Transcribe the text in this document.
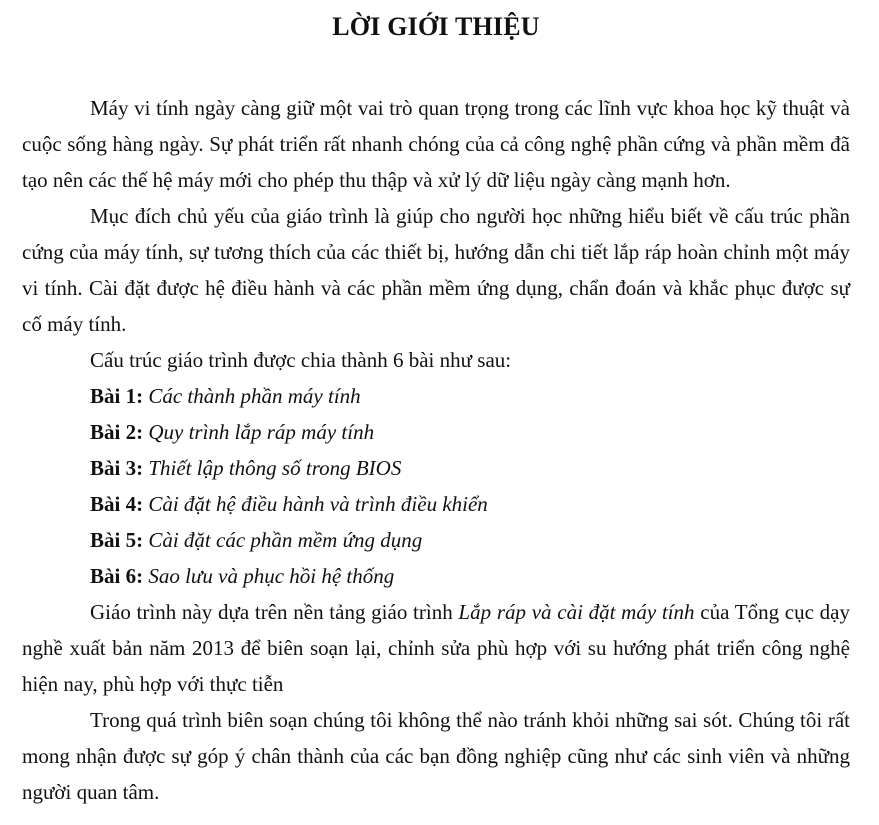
LỜI GIỚI THIỆU

Máy vi tính ngày càng giữ một vai trò quan trọng trong các lĩnh vực khoa học kỹ thuật và cuộc sống hàng ngày. Sự phát triển rất nhanh chóng của cả công nghệ phần cứng và phần mềm đã tạo nên các thế hệ máy mới cho phép thu thập và xử lý dữ liệu ngày càng mạnh hơn.

Mục đích chủ yếu của giáo trình là giúp cho người học những hiểu biết về cấu trúc phần cứng của máy tính, sự tương thích của các thiết bị, hướng dẫn chi tiết lắp ráp hoàn chỉnh một máy vi tính. Cài đặt được hệ điều hành và các phần mềm ứng dụng, chẩn đoán và khắc phục được sự cố máy tính.

Cấu trúc giáo trình được chia thành 6 bài như sau:

Bài 1: Các thành phần máy tính

Bài 2: Quy trình lắp ráp máy tính

Bài 3: Thiết lập thông số trong BIOS

Bài 4: Cài đặt hệ điều hành và trình điều khiển

Bài 5: Cài đặt các phần mềm ứng dụng

Bài 6: Sao lưu và phục hồi hệ thống

Giáo trình này dựa trên nền tảng giáo trình Lắp ráp và cài đặt máy tính của Tổng cục dạy nghề xuất bản năm 2013 để biên soạn lại, chỉnh sửa phù hợp với su hướng phát triển công nghệ hiện nay, phù hợp với thực tiễn

Trong quá trình biên soạn chúng tôi không thể nào tránh khỏi những sai sót. Chúng tôi rất mong nhận được sự góp ý chân thành của các bạn đồng nghiệp cũng như các sinh viên và những người quan tâm.
